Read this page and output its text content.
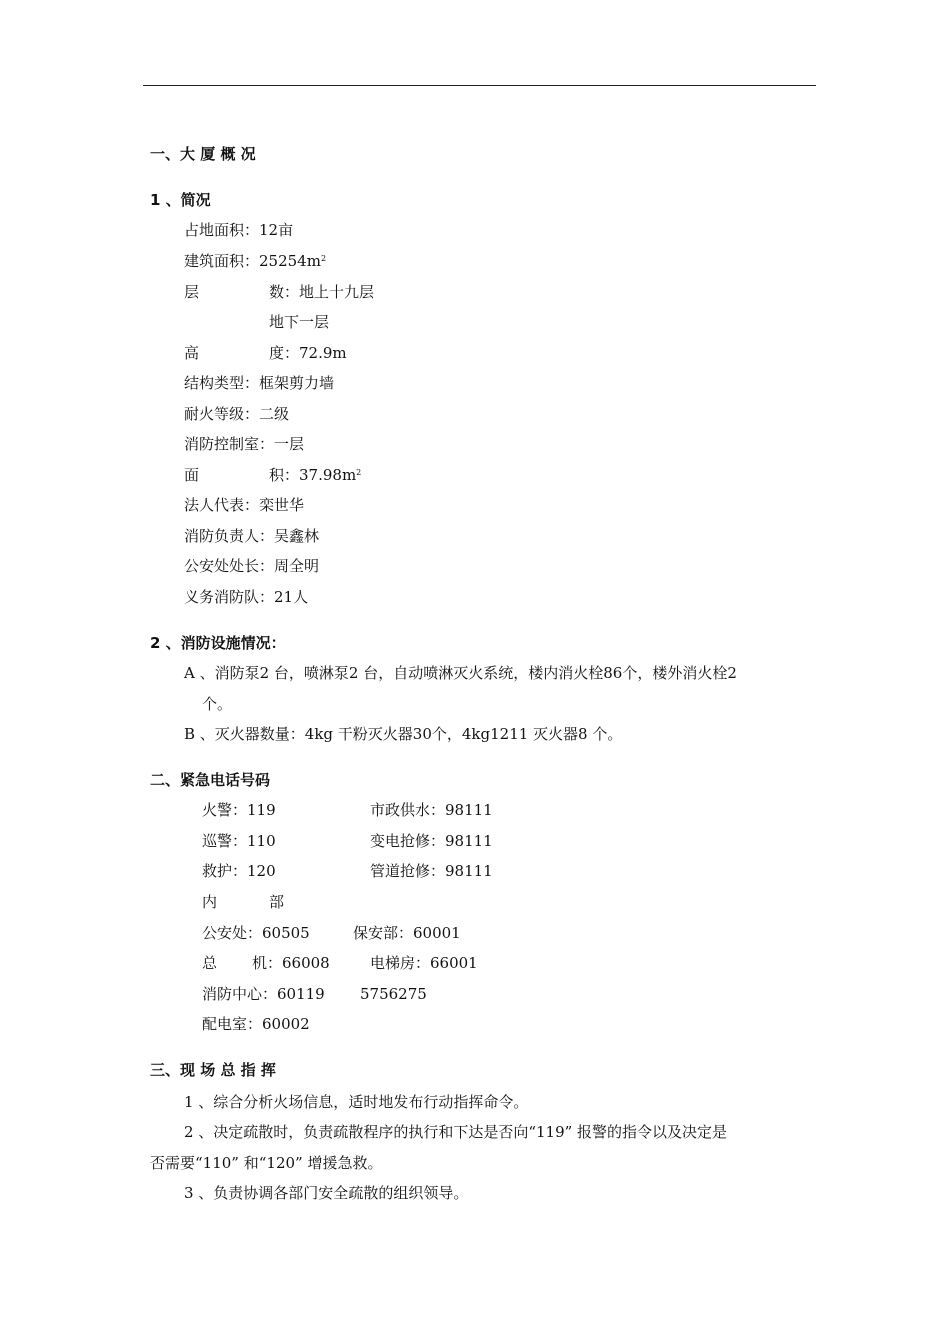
一、大 厦 概 况
1 、简况
占地面积：12亩
建筑面积：$25254m^2$
层	数：地上十九层
地下一层
高	度：72.9m
结构类型：框架剪力墙
耐火等级：二级
消防控制室：一层
面	积：$37.98m^2$
法人代表：栾世华
消防负责人：吴鑫林
公安处处长：周全明
义务消防队：21人
2 、消防设施情况：
A 、消防泵2 台，喷淋泵2 台，自动喷淋灭火系统，楼内消火栓86个，楼外消火栓2
个。
B 、灭火器数量：4kg 干粉灭火器30个，4kg1211 灭火器8 个。
二、紧急电话号码
火警：119	市政供水：98111
巡警：110	变电抢修：98111
救护：120	管道抢修：98111
内	部
公安处：60505	保安部：60001
总 机：66008	电梯房：66001
消防中心：60119 5756275
配电室：60002
三、现 场 总 指 挥
1 、综合分析火场信息，适时地发布行动指挥命令。
2 、决定疏散时，负责疏散程序的执行和下达是否向“119” 报警的指令以及决定是
否需要“110” 和“120” 增援急救。
3 、负责协调各部门安全疏散的组织领导。
